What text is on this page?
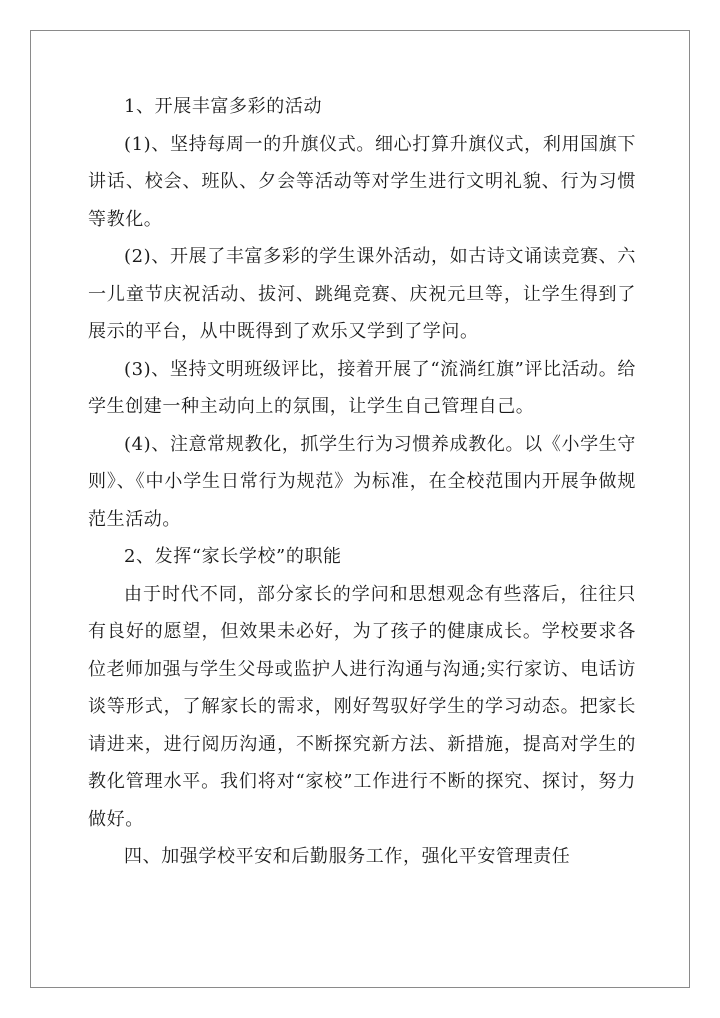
1、开展丰富多彩的活动

(1)、坚持每周一的升旗仪式。细心打算升旗仪式，利用国旗下讲话、校会、班队、夕会等活动等对学生进行文明礼貌、行为习惯等教化。

(2)、开展了丰富多彩的学生课外活动，如古诗文诵读竞赛、六一儿童节庆祝活动、拔河、跳绳竞赛、庆祝元旦等，让学生得到了展示的平台，从中既得到了欢乐又学到了学问。

(3)、坚持文明班级评比，接着开展了“流淌红旗”评比活动。给学生创建一种主动向上的氛围，让学生自己管理自己。

(4)、注意常规教化，抓学生行为习惯养成教化。以《小学生守则》、《中小学生日常行为规范》为标准，在全校范围内开展争做规范生活动。

2、发挥“家长学校”的职能

由于时代不同，部分家长的学问和思想观念有些落后，往往只有良好的愿望，但效果未必好，为了孩子的健康成长。学校要求各位老师加强与学生父母或监护人进行沟通与沟通;实行家访、电话访谈等形式，了解家长的需求，刚好驾驭好学生的学习动态。把家长请进来，进行阅历沟通，不断探究新方法、新措施，提高对学生的教化管理水平。我们将对“家校”工作进行不断的探究、探讨，努力做好。

四、加强学校平安和后勤服务工作，强化平安管理责任
